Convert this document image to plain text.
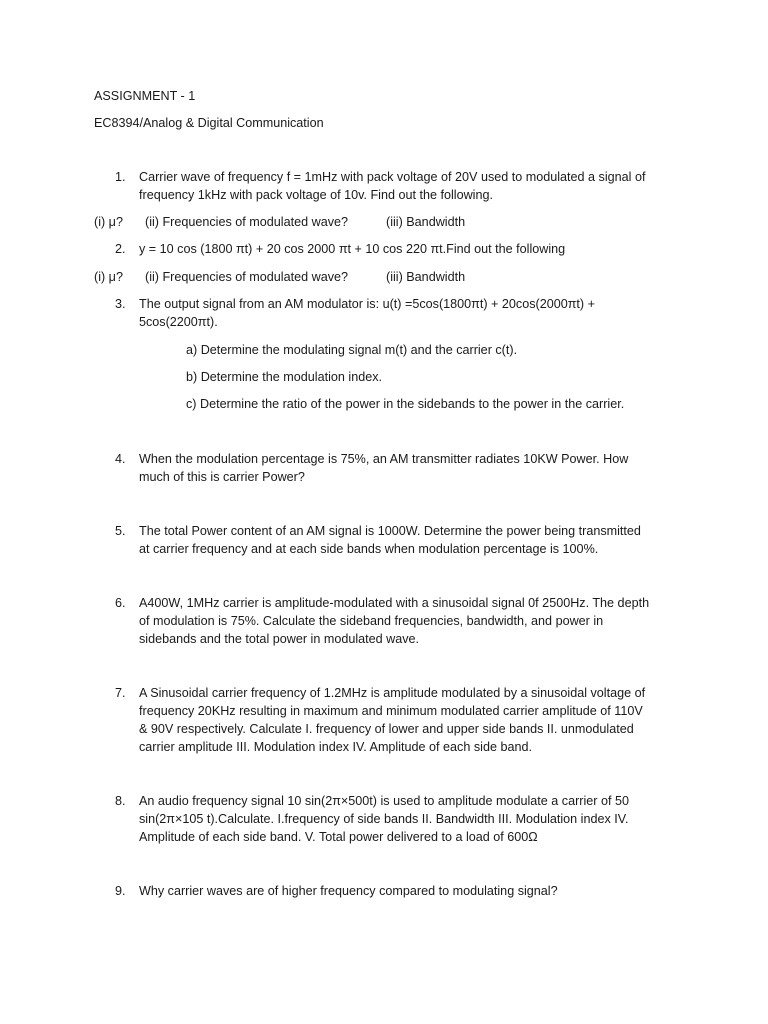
ASSIGNMENT - 1
EC8394/Analog & Digital Communication
1.	Carrier wave of frequency f = 1mHz with pack voltage of 20V used to modulated a signal of
frequency 1kHz with pack voltage of 10v. Find out the following.
(i) μ? (ii) Frequencies of modulated wave?	(iii) Bandwidth
2.	y = 10 cos (1800 πt) + 20 cos 2000 πt + 10 cos 220 πt.Find out the following
(i) μ? (ii) Frequencies of modulated wave?	(iii) Bandwidth
3.	The output signal from an AM modulator is: u(t) =5cos(1800πt) + 20cos(2000πt) +
5cos(2200πt).
a) Determine the modulating signal m(t) and the carrier c(t).
b) Determine the modulation index.
c) Determine the ratio of the power in the sidebands to the power in the carrier.
4.	When the modulation percentage is 75%, an AM transmitter radiates 10KW Power. How
much of this is carrier Power?
5.	The total Power content of an AM signal is 1000W. Determine the power being transmitted
at carrier frequency and at each side bands when modulation percentage is 100%.
6.	A400W, 1MHz carrier is amplitude-modulated with a sinusoidal signal 0f 2500Hz. The depth
of modulation is 75%. Calculate the sideband frequencies, bandwidth, and power in
sidebands and the total power in modulated wave.
7.	A Sinusoidal carrier frequency of 1.2MHz is amplitude modulated by a sinusoidal voltage of
frequency 20KHz resulting in maximum and minimum modulated carrier amplitude of 110V
& 90V respectively. Calculate I. frequency of lower and upper side bands II. unmodulated
carrier amplitude III. Modulation index IV. Amplitude of each side band.
8.	An audio frequency signal 10 sin(2π×500t) is used to amplitude modulate a carrier of 50
sin(2π×105 t).Calculate. I.frequency of side bands II. Bandwidth III. Modulation index IV.
Amplitude of each side band. V. Total power delivered to a load of 600Ω
9.	Why carrier waves are of higher frequency compared to modulating signal?
